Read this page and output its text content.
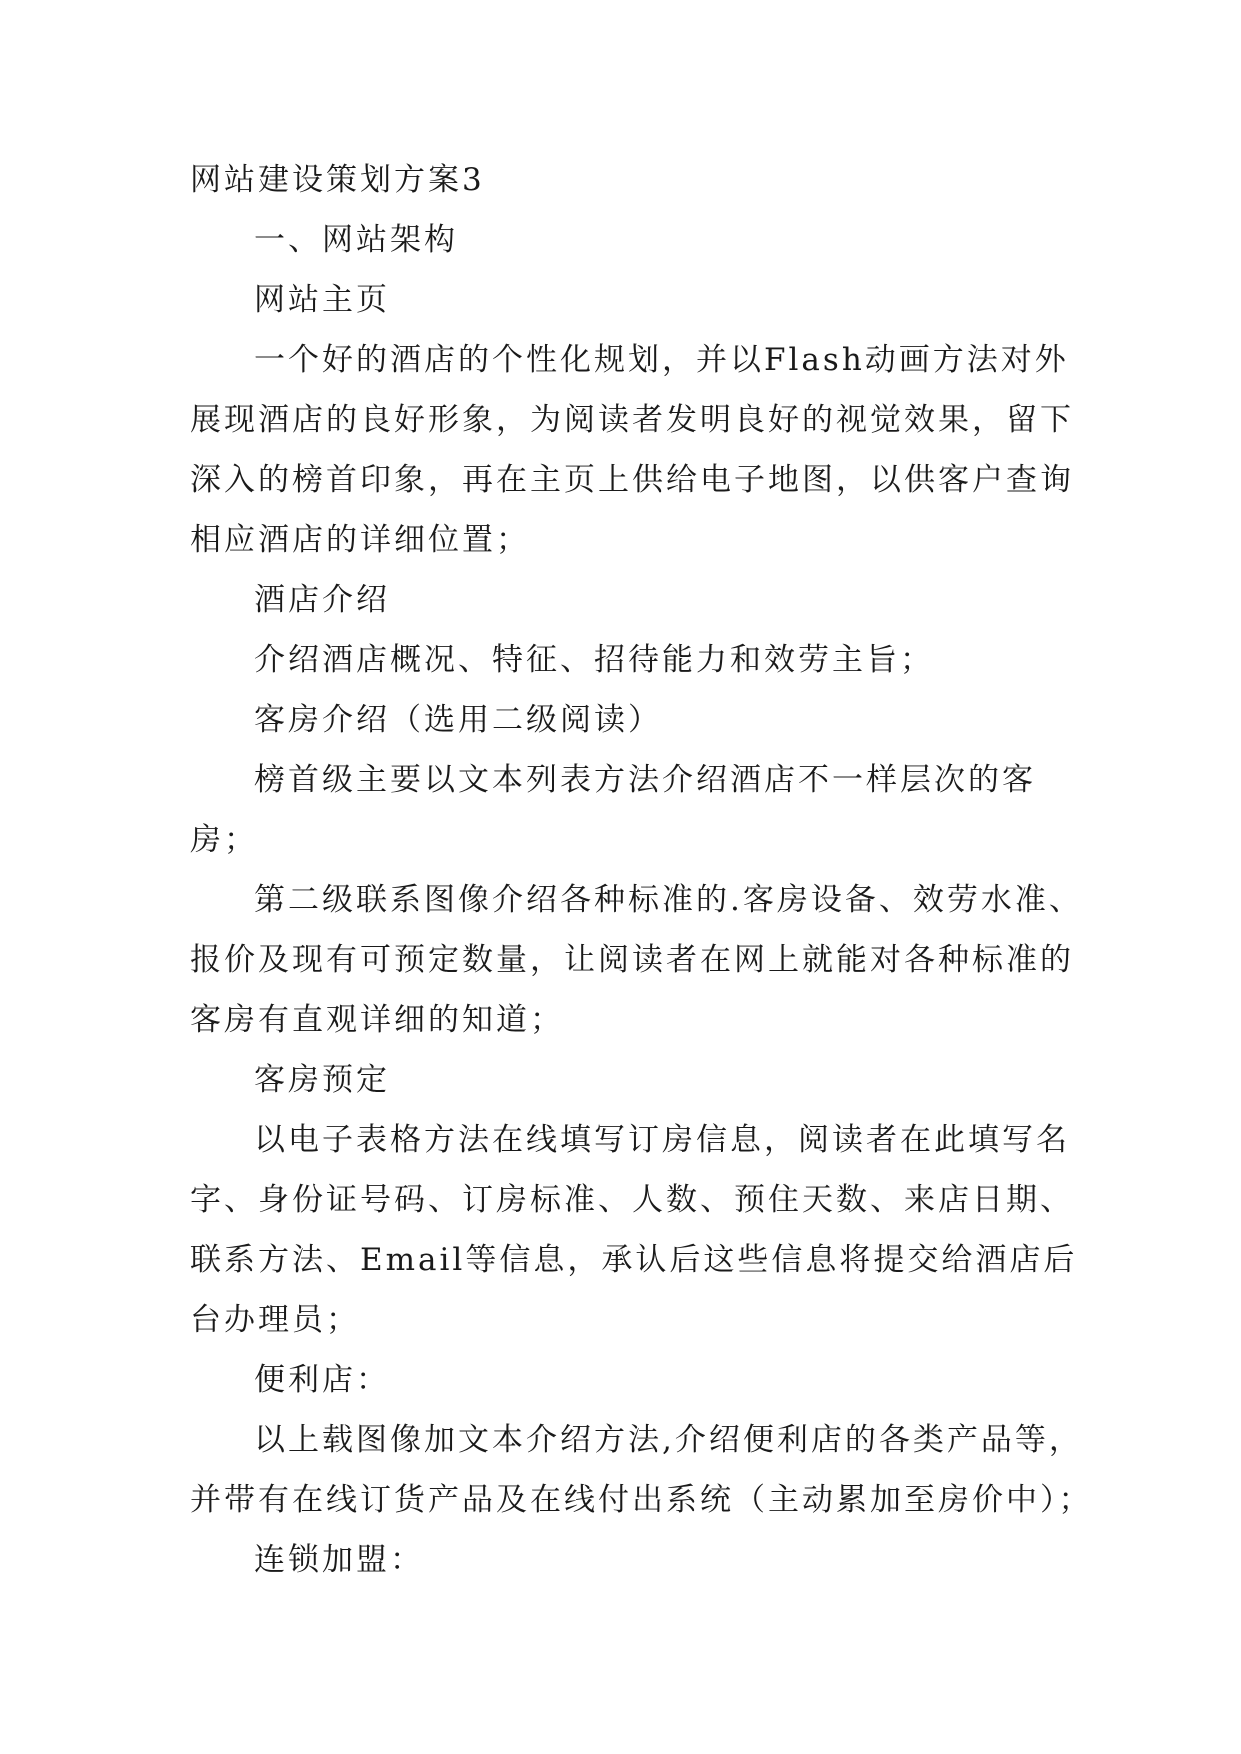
网站建设策划方案3
一、网站架构
网站主页
一个好的酒店的个性化规划，并以Flash动画方法对外
展现酒店的良好形象，为阅读者发明良好的视觉效果，留下
深入的榜首印象，再在主页上供给电子地图，以供客户查询
相应酒店的详细位置；
酒店介绍
介绍酒店概况、特征、招待能力和效劳主旨；
客房介绍（选用二级阅读）
榜首级主要以文本列表方法介绍酒店不一样层次的客
房；
第二级联系图像介绍各种标准的.客房设备、效劳水准、
报价及现有可预定数量，让阅读者在网上就能对各种标准的
客房有直观详细的知道；
客房预定
以电子表格方法在线填写订房信息，阅读者在此填写名
字、身份证号码、订房标准、人数、预住天数、来店日期、
联系方法、Email等信息，承认后这些信息将提交给酒店后
台办理员；
便利店：
以上载图像加文本介绍方法,介绍便利店的各类产品等，
并带有在线订货产品及在线付出系统（主动累加至房价中）；
连锁加盟：
